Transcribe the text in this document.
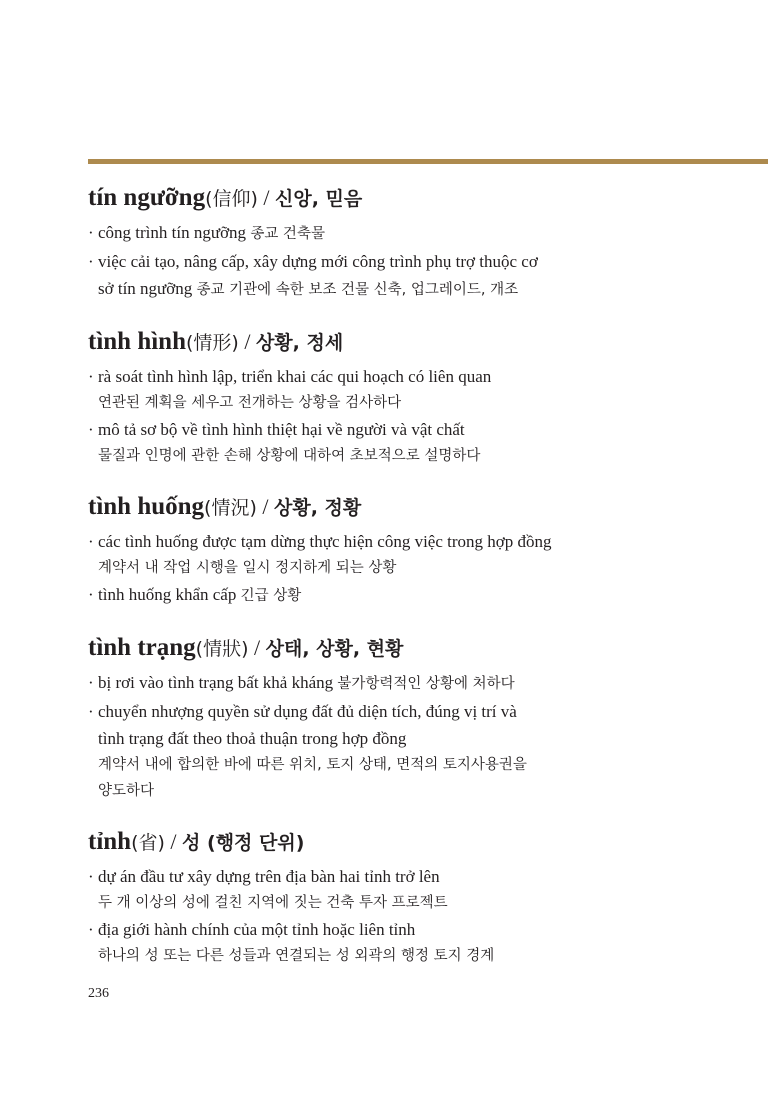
tín ngưỡng(信仰) / 신앙, 믿음
· công trình tín ngưỡng 종교 건축물
· việc cải tạo, nâng cấp, xây dựng mới công trình phụ trợ thuộc cơ
sở tín ngưỡng 종교 기관에 속한 보조 건물 신축, 업그레이드, 개조
tình hình(情形) / 상황, 정세
· rà soát tình hình lập, triển khai các qui hoạch có liên quan
연관된 계획을 세우고 전개하는 상황을 검사하다
· mô tả sơ bộ về tình hình thiệt hại về người và vật chất
물질과 인명에 관한 손해 상황에 대하여 초보적으로 설명하다
tình huống(情況) / 상황, 정황
· các tình huống được tạm dừng thực hiện công việc trong hợp đồng
계약서 내 작업 시행을 일시 정지하게 되는 상황
· tình huống khẩn cấp 긴급 상황
tình trạng(情狀) / 상태, 상황, 현황
· bị rơi vào tình trạng bất khả kháng 불가항력적인 상황에 처하다
· chuyển nhượng quyền sử dụng đất đủ diện tích, đúng vị trí và
tình trạng đất theo thoả thuận trong hợp đồng
계약서 내에 합의한 바에 따른 위치, 토지 상태, 면적의 토지사용권을
양도하다
tỉnh(省) / 성 (행정 단위)
· dự án đầu tư xây dựng trên địa bàn hai tỉnh trở lên
두 개 이상의 성에 걸친 지역에 짓는 건축 투자 프로젝트
· địa giới hành chính của một tỉnh hoặc liên tỉnh
하나의 성 또는 다른 성들과 연결되는 성 외곽의 행정 토지 경계
236
